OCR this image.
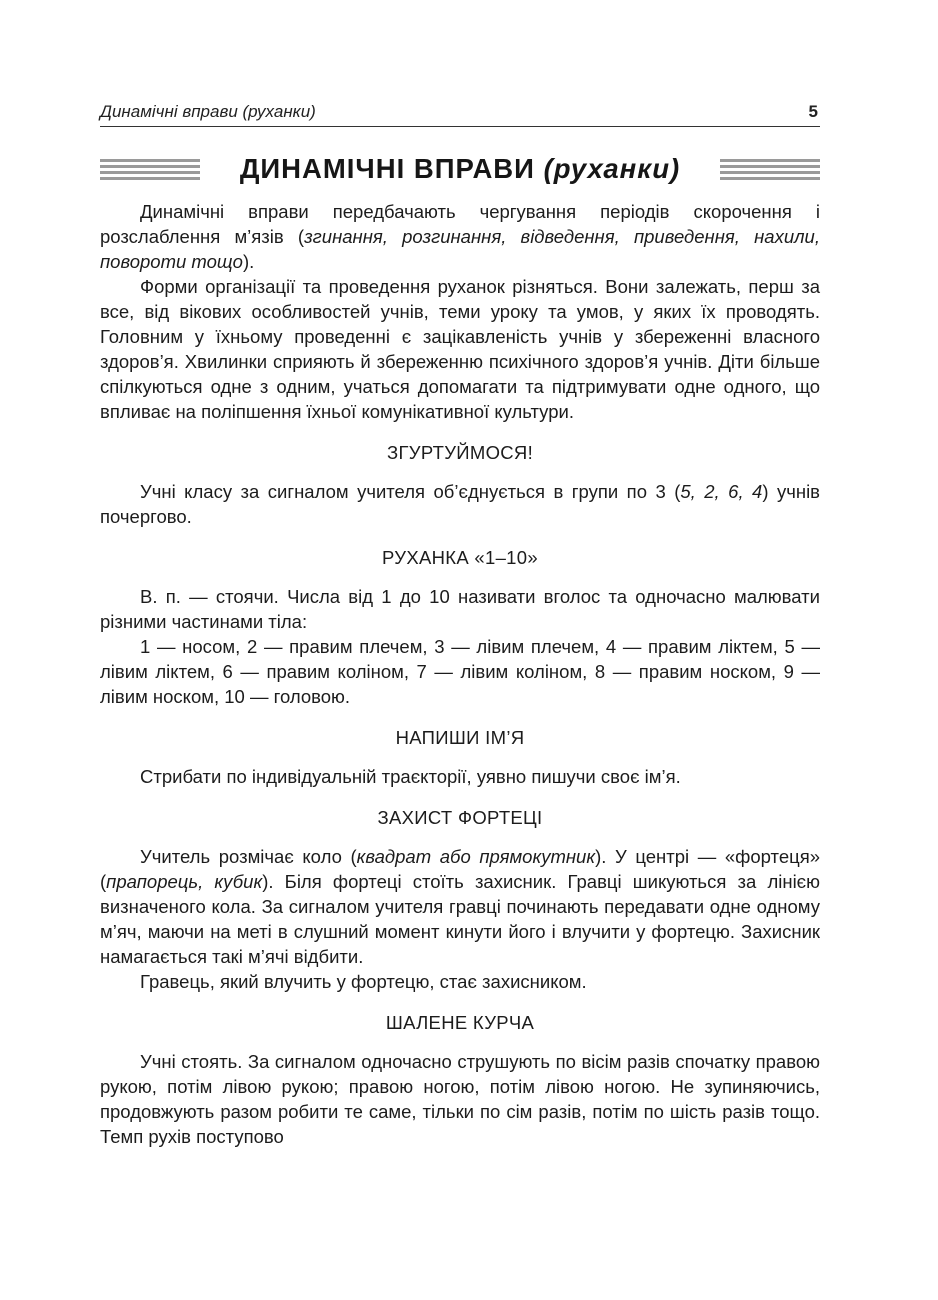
Динамічні вправи (руханки)	5
ДИНАМІЧНІ ВПРАВИ (руханки)

Динамічні вправи передбачають чергування періодів скорочення і розслаблення м’язів (згинання, розгинання, відведення, приведення, нахили, повороти тощо).

Форми організації та проведення руханок різняться. Вони залежать, перш за все, від вікових особливостей учнів, теми уроку та умов, у яких їх проводять. Головним у їхньому проведенні є зацікавленість учнів у збереженні власного здоров’я. Хвилинки сприяють й збереженню психічного здоров’я учнів. Діти більше спілкуються одне з одним, учаться допомагати та підтримувати одне одного, що впливає на поліпшення їхньої комунікативної культури.

ЗГУРТУЙМОСЯ!

Учні класу за сигналом учителя об’єднується в групи по 3 (5, 2, 6, 4) учнів почергово.

РУХАНКА «1–10»

В. п. — стоячи. Числа від 1 до 10 називати вголос та одночасно малювати різними частинами тіла:

1 — носом, 2 — правим плечем, 3 — лівим плечем, 4 — правим ліктем, 5 — лівим ліктем, 6 — правим коліном, 7 — лівим коліном, 8 — правим носком, 9 — лівим носком, 10 — головою.

НАПИШИ ІМ’Я

Стрибати по індивідуальній траєкторії, уявно пишучи своє ім’я.

ЗАХИСТ ФОРТЕЦІ

Учитель розмічає коло (квадрат або прямокутник). У центрі — «фортеця» (прапорець, кубик). Біля фортеці стоїть захисник. Гравці шикуються за лінією визначеного кола. За сигналом учителя гравці починають передавати одне одному м’яч, маючи на меті в слушний момент кинути його і влучити у фортецю. Захисник намагається такі м’ячі відбити.

Гравець, який влучить у фортецю, стає захисником.

ШАЛЕНЕ КУРЧА

Учні стоять. За сигналом одночасно струшують по вісім разів спочатку правою рукою, потім лівою рукою; правою ногою, потім лівою ногою. Не зупиняючись, продовжують разом робити те саме, тільки по сім разів, потім по шість разів тощо. Темп рухів поступово
